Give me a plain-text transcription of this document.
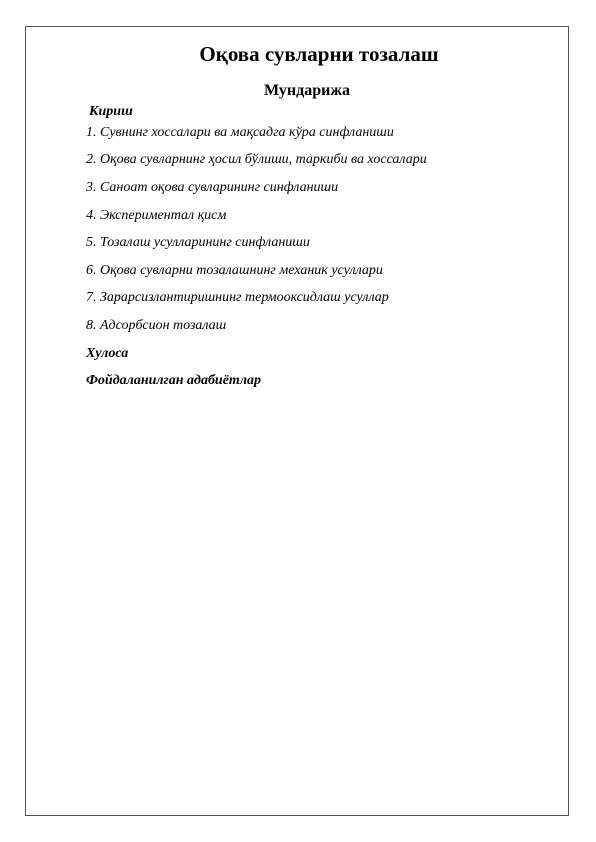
Оқова сувларни тозалаш
Мундарижа
Кириш
1. Сувнинг хоссалари ва мақсадга кўра синфланиши
2. Оқова сувларнинг ҳосил бўлиши, таркиби ва хоссалари
3. Саноат оқова сувларининг синфланиши
4. Экспериментал қисм
5. Тозалаш усулларининг синфланиши
6. Оқова сувларни тозалашнинг механик усуллари
7. Зарарсизлантиришнинг термооксидлаш усуллар
8. Адсорбсион тозалаш
Хулоса
Фойдаланилган адабиётлар
